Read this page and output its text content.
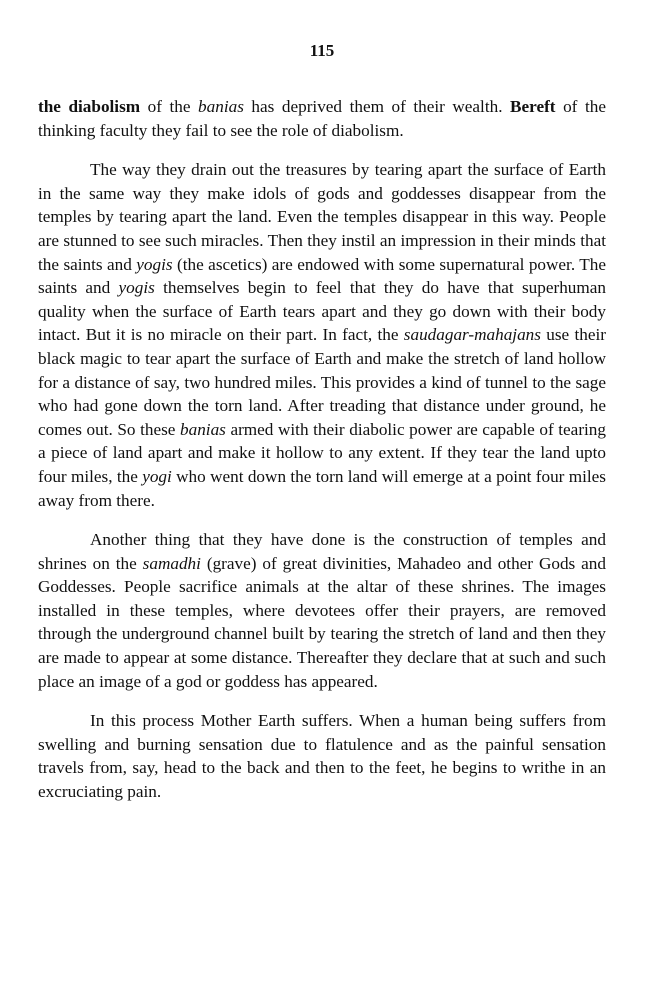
115

the diabolism of the banias has deprived them of their wealth. Bereft of the thinking faculty they fail to see the role of diabolism.

The way they drain out the treasures by tearing apart the surface of Earth in the same way they make idols of gods and goddesses disappear from the temples by tearing apart the land. Even the temples disappear in this way. People are stunned to see such miracles. Then they instil an impression in their minds that the saints and yogis (the ascetics) are endowed with some supernatural power. The saints and yogis themselves begin to feel that they do have that superhuman quality when the surface of Earth tears apart and they go down with their body intact. But it is no miracle on their part. In fact, the saudagar-mahajans use their black magic to tear apart the surface of Earth and make the stretch of land hollow for a distance of say, two hundred miles. This provides a kind of tunnel to the sage who had gone down the torn land. After treading that distance under ground, he comes out. So these banias armed with their diabolic power are capable of tearing a piece of land apart and make it hollow to any extent. If they tear the land upto four miles, the yogi who went down the torn land will emerge at a point four miles away from there.

Another thing that they have done is the construction of temples and shrines on the samadhi (grave) of great divinities, Mahadeo and other Gods and Goddesses. People sacrifice animals at the altar of these shrines. The images installed in these temples, where devotees offer their prayers, are removed through the underground channel built by tearing the stretch of land and then they are made to appear at some distance. Thereafter they declare that at such and such place an image of a god or goddess has appeared.

In this process Mother Earth suffers. When a human being suffers from swelling and burning sensation due to flatulence and as the painful sensation travels from, say, head to the back and then to the feet, he begins to writhe in an excruciating pain.
